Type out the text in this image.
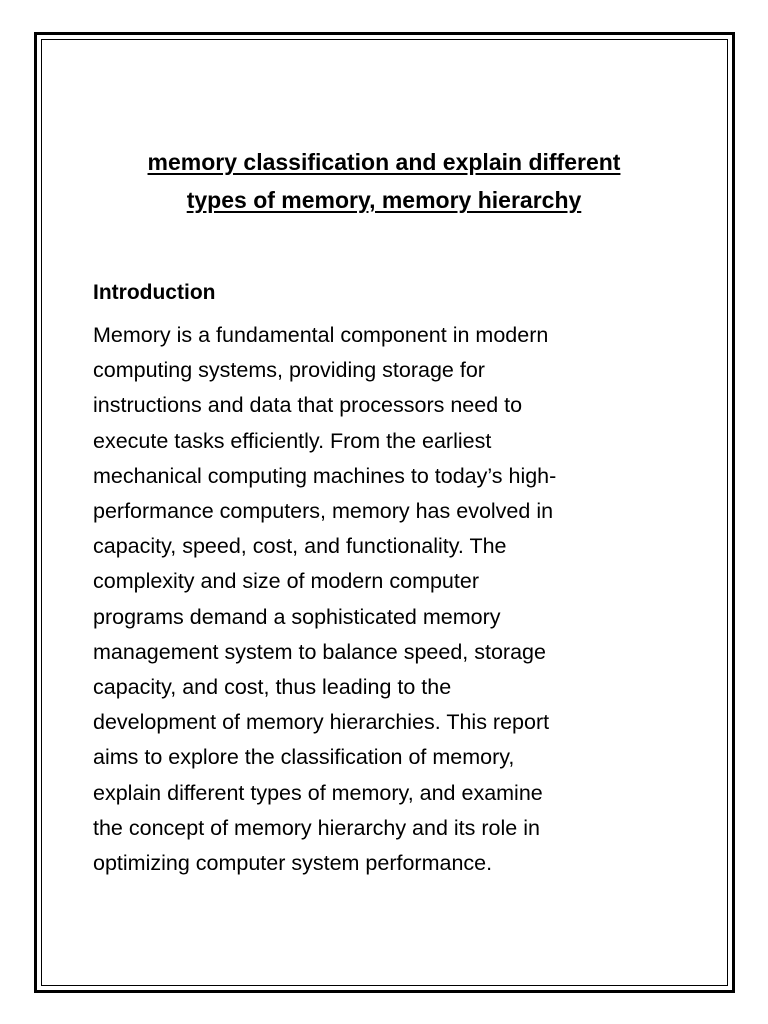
memory classification and explain different
types of memory, memory hierarchy
Introduction

Memory is a fundamental component in modern
computing systems, providing storage for
instructions and data that processors need to
execute tasks efficiently. From the earliest
mechanical computing machines to today’s high-
performance computers, memory has evolved in
capacity, speed, cost, and functionality. The
complexity and size of modern computer
programs demand a sophisticated memory
management system to balance speed, storage
capacity, and cost, thus leading to the
development of memory hierarchies. This report
aims to explore the classification of memory,
explain different types of memory, and examine
the concept of memory hierarchy and its role in
optimizing computer system performance.
